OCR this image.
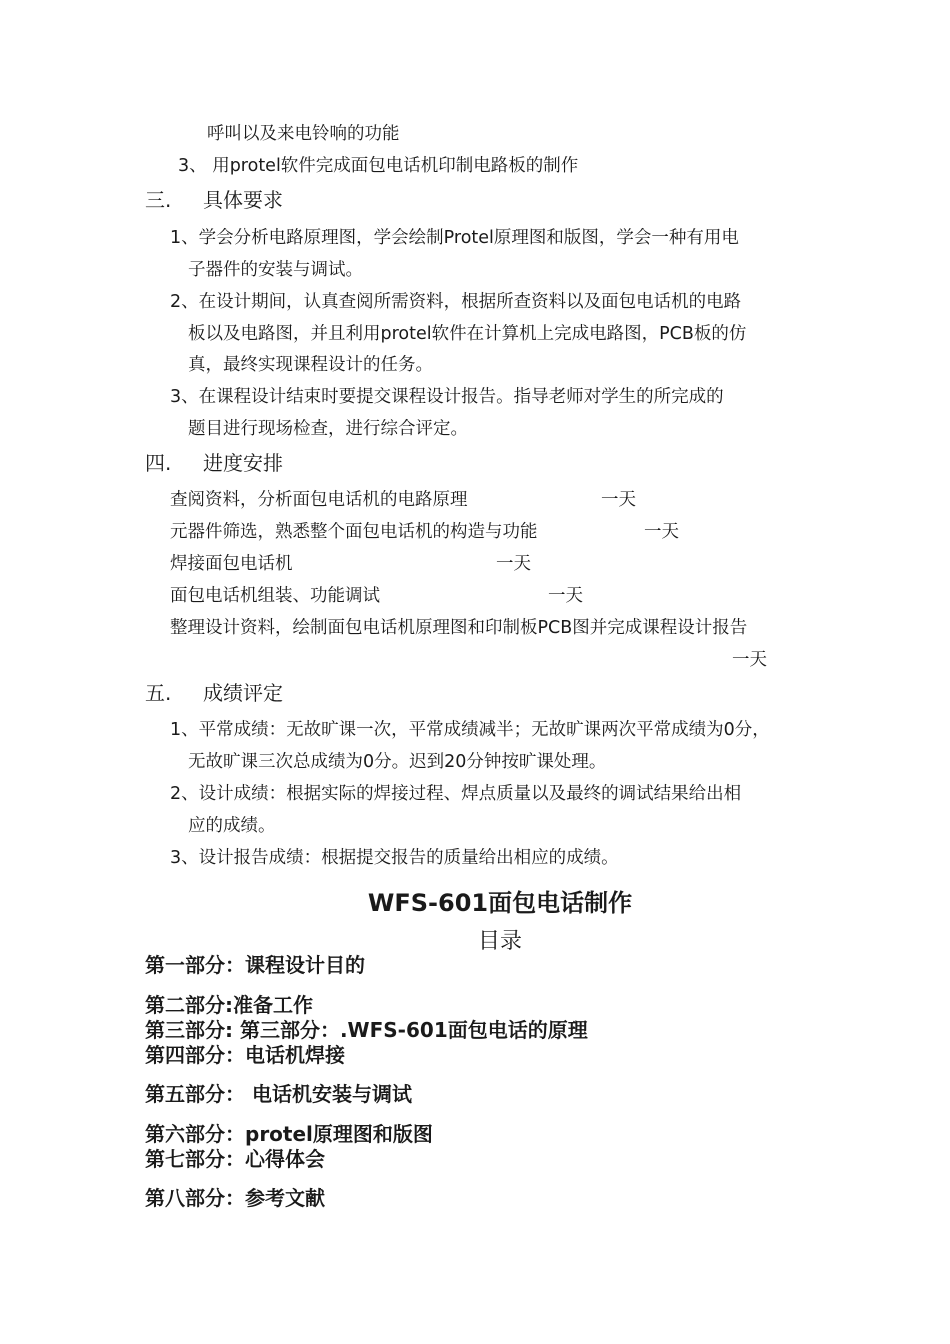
呼叫以及来电铃响的功能
3、 用protel软件完成面包电话机印制电路板的制作
三. 具体要求
1、学会分析电路原理图，学会绘制Protel原理图和版图，学会一种有用电
子器件的安装与调试。
2、在设计期间，认真查阅所需资料，根据所查资料以及面包电话机的电路
板以及电路图，并且利用protel软件在计算机上完成电路图，PCB板的仿
真，最终实现课程设计的任务。
3、在课程设计结束时要提交课程设计报告。指导老师对学生的所完成的
题目进行现场检查，进行综合评定。
四. 进度安排
查阅资料，分析面包电话机的电路原理	一天
元器件筛选，熟悉整个面包电话机的构造与功能	一天
焊接面包电话机	一天
面包电话机组装、功能调试	一天
整理设计资料，绘制面包电话机原理图和印制板PCB图并完成课程设计报告
一天
五. 成绩评定
1、平常成绩：无故旷课一次，平常成绩减半；无故旷课两次平常成绩为0分，
无故旷课三次总成绩为0分。迟到20分钟按旷课处理。
2、设计成绩：根据实际的焊接过程、焊点质量以及最终的调试结果给出相
应的成绩。
3、设计报告成绩：根据提交报告的质量给出相应的成绩。
WFS-601面包电话制作
目录
第一部分：课程设计目的
第二部分:准备工作
第三部分: 第三部分：.WFS-601面包电话的原理
第四部分：电话机焊接
第五部分： 电话机安装与调试
第六部分：protel原理图和版图
第七部分：心得体会
第八部分：参考文献
